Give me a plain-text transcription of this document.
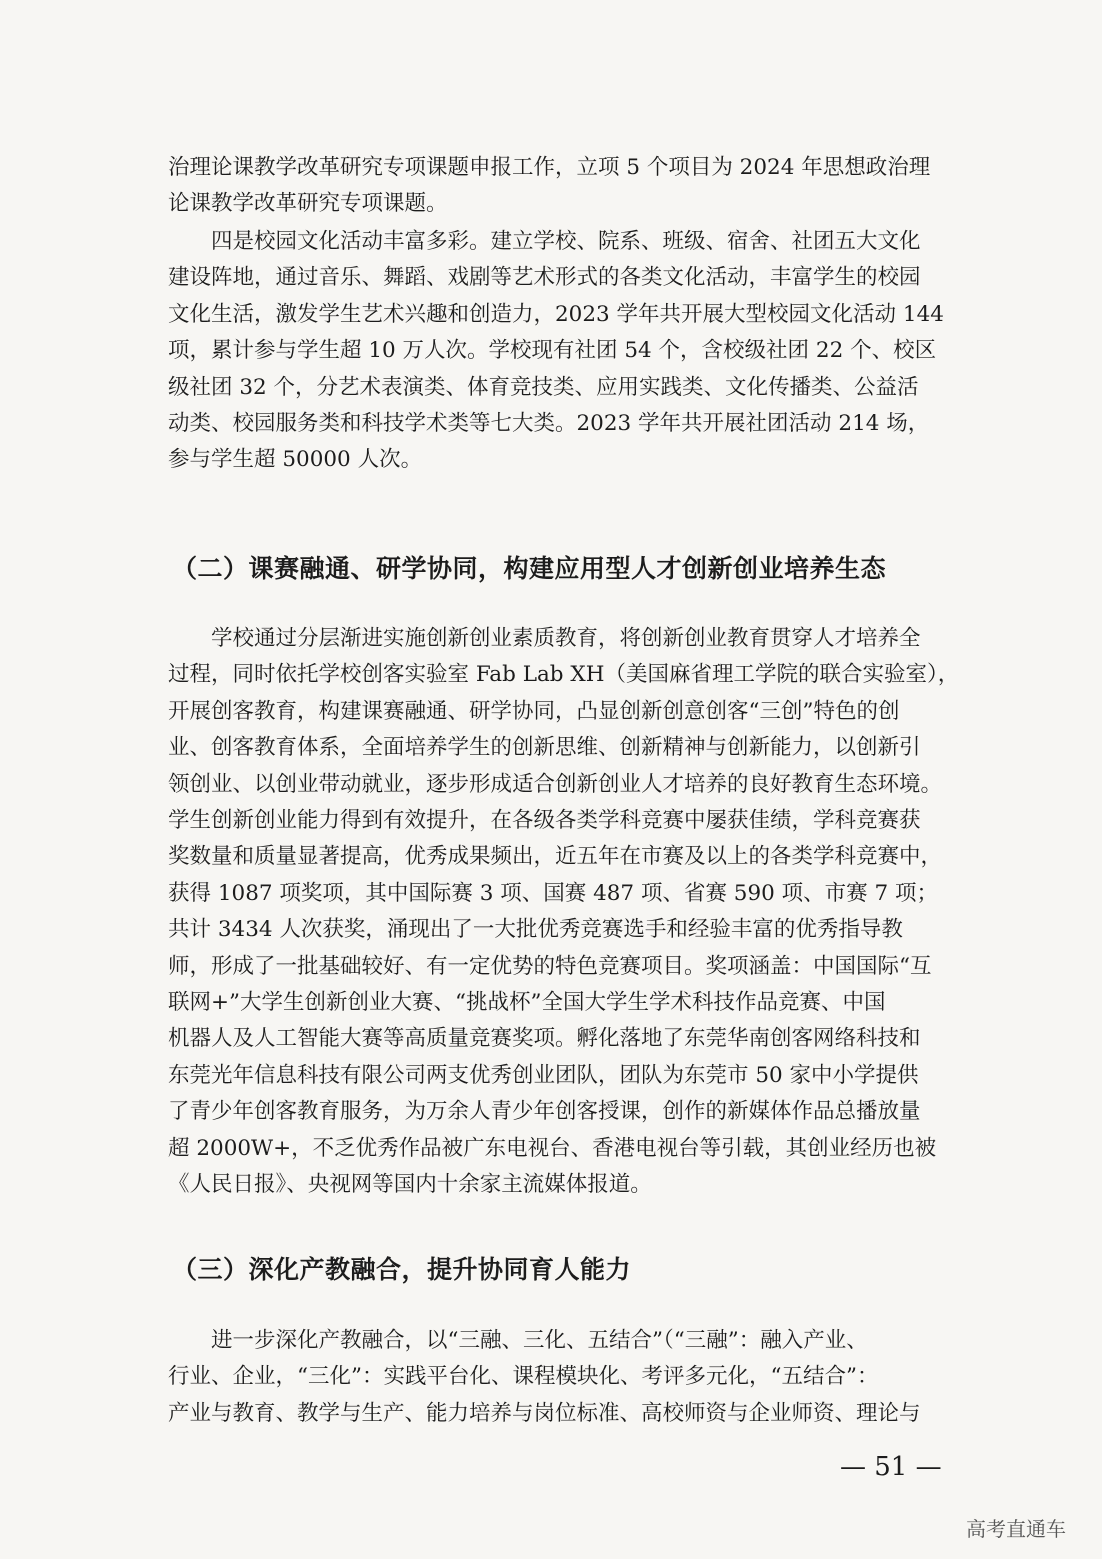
治理论课教学改革研究专项课题申报工作，立项 5 个项目为 2024 年思想政治理
论课教学改革研究专项课题。
　　四是校园文化活动丰富多彩。建立学校、院系、班级、宿舍、社团五大文化
建设阵地，通过音乐、舞蹈、戏剧等艺术形式的各类文化活动，丰富学生的校园
文化生活，激发学生艺术兴趣和创造力，2023 学年共开展大型校园文化活动 144
项，累计参与学生超 10 万人次。学校现有社团 54 个，含校级社团 22 个、校区
级社团 32 个，分艺术表演类、体育竞技类、应用实践类、文化传播类、公益活
动类、校园服务类和科技学术类等七大类。2023 学年共开展社团活动 214 场，
参与学生超 50000 人次。
（二）课赛融通、研学协同，构建应用型人才创新创业培养生态
　　学校通过分层渐进实施创新创业素质教育，将创新创业教育贯穿人才培养全
过程，同时依托学校创客实验室 Fab Lab XH（美国麻省理工学院的联合实验室），
开展创客教育，构建课赛融通、研学协同，凸显创新创意创客“三创”特色的创
业、创客教育体系，全面培养学生的创新思维、创新精神与创新能力，以创新引
领创业、以创业带动就业，逐步形成适合创新创业人才培养的良好教育生态环境。
学生创新创业能力得到有效提升，在各级各类学科竞赛中屡获佳绩，学科竞赛获
奖数量和质量显著提高，优秀成果频出，近五年在市赛及以上的各类学科竞赛中，
获得 1087 项奖项，其中国际赛 3 项、国赛 487 项、省赛 590 项、市赛 7 项；
共计 3434 人次获奖，涌现出了一大批优秀竞赛选手和经验丰富的优秀指导教
师，形成了一批基础较好、有一定优势的特色竞赛项目。奖项涵盖：中国国际“互
联网+”大学生创新创业大赛、“挑战杯”全国大学生学术科技作品竞赛、中国
机器人及人工智能大赛等高质量竞赛奖项。孵化落地了东莞华南创客网络科技和
东莞光年信息科技有限公司两支优秀创业团队，团队为东莞市 50 家中小学提供
了青少年创客教育服务，为万余人青少年创客授课，创作的新媒体作品总播放量
超 2000W+，不乏优秀作品被广东电视台、香港电视台等引载，其创业经历也被
《人民日报》、央视网等国内十余家主流媒体报道。
（三）深化产教融合，提升协同育人能力
　　进一步深化产教融合，以“三融、三化、五结合”（“三融”：融入产业、
行业、企业，“三化”：实践平台化、课程模块化、考评多元化，“五结合”：
产业与教育、教学与生产、能力培养与岗位标准、高校师资与企业师资、理论与
— 51 —
高考直通车
